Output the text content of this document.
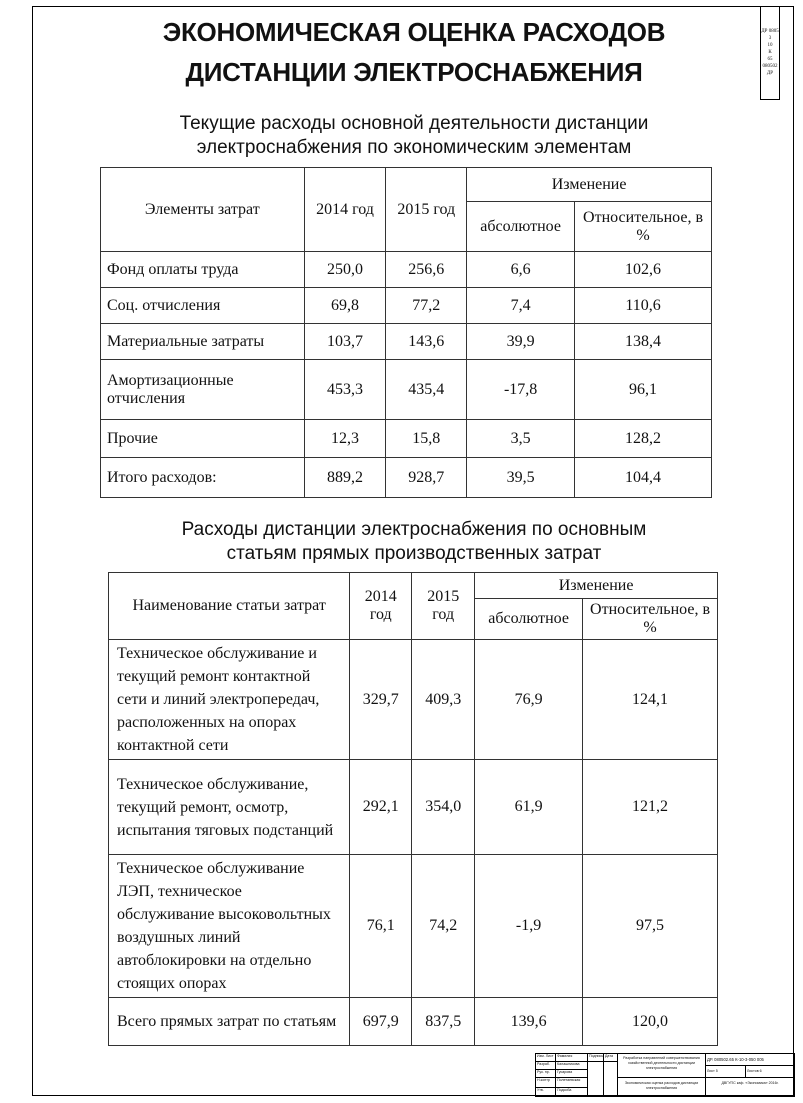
ДР 0805
3
10
К
65
080502
ДР
ЭКОНОМИЧЕСКАЯ ОЦЕНКА РАСХОДОВ
ДИСТАНЦИИ ЭЛЕКТРОСНАБЖЕНИЯ
Текущие расходы основной деятельности дистанции
электроснабжения по экономическим элементам
Элементы затрат	2014 год	2015 год	Изменение	
			абсолютное	Относительное, в %
Фонд оплаты труда	250,0	256,6	6,6	102,6
Соц. отчисления	69,8	77,2	7,4	110,6
Материальные затраты	103,7	143,6	39,9	138,4
Амортизационные отчисления	453,3	435,4	-17,8	96,1
Прочие	12,3	15,8	3,5	128,2
Итого расходов:	889,2	928,7	39,5	104,4
Расходы дистанции электроснабжения по основным
статьям прямых производственных затрат
Наименование статьи затрат	2014 год	2015 год	Изменение	
			абсолютное	Относительное, в %
Техническое обслуживание и текущий ремонт контактной сети и линий электропередач, расположенных на опорах контактной сети	329,7	409,3	76,9	124,1
Техническое обслуживание, текущий ремонт, осмотр, испытания тяговых подстанций	292,1	354,0	61,9	121,2
Техническое обслуживание ЛЭП, техническое обслуживание высоковольтных воздушных линий автоблокировки на отдельно стоящих опорах	76,1	74,2	-1,9	97,5
Всего прямых затрат по статьям	697,9	837,5	139,6	120,0
Изм. Лист Фамилия	Подпись Дата
Разраб.	Калашникова
Рук. пр.	Гусарова
Н.контр	Полетаевская
Утв.	Подсоба
Разработка направлений совершенствования хозяйственной деятельности дистанции электроснабжения
ДР. 080502.65 К-10-3-050 005
Лист 5	Листов 6
Экономическая оценка расходов дистанции электроснабжения
ДВГУПС каф. «Экономика» 2016г.
